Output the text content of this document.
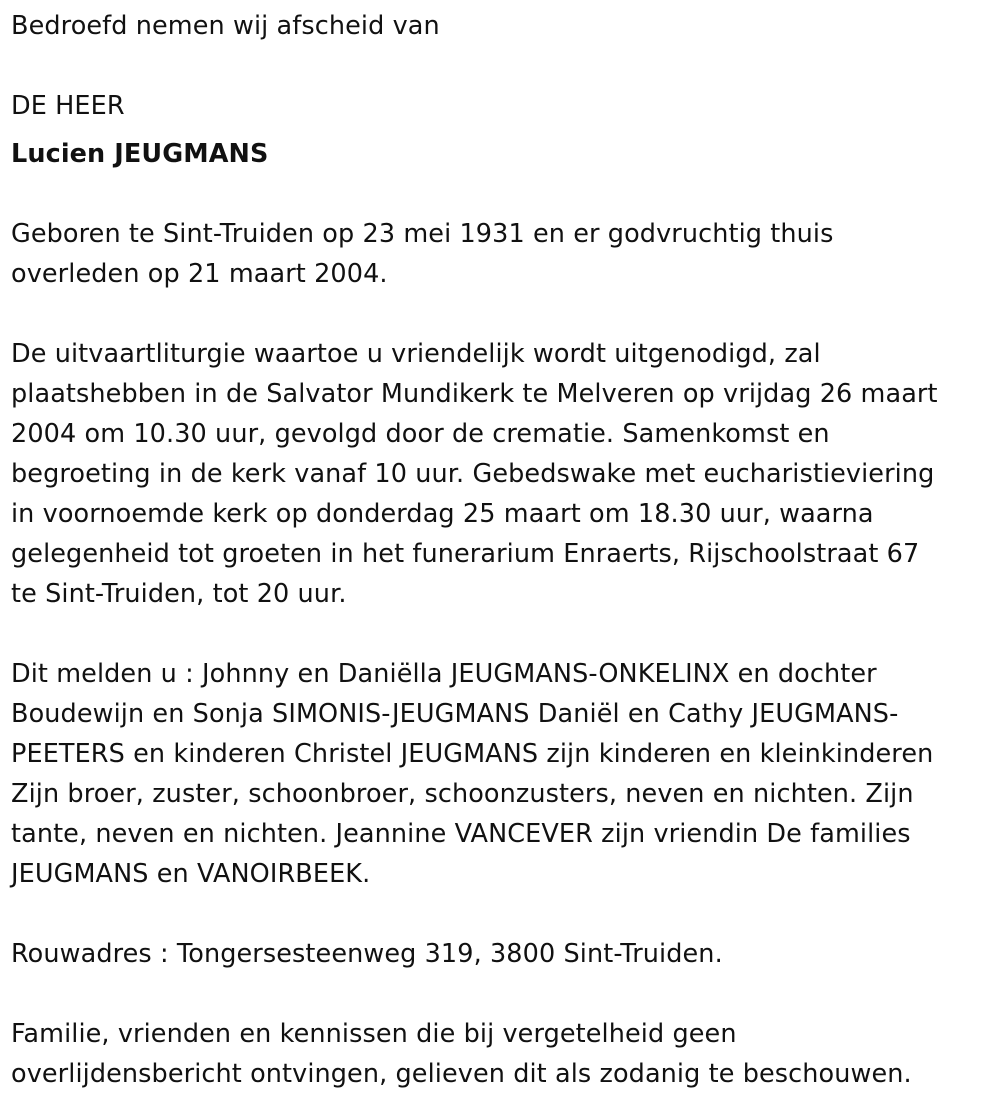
Bedroefd nemen wij afscheid van

DE HEER

Lucien JEUGMANS

Geboren te Sint-Truiden op 23 mei 1931 en er godvruchtig thuis

overleden op 21 maart 2004.

De uitvaartliturgie waartoe u vriendelijk wordt uitgenodigd, zal

plaatshebben in de Salvator Mundikerk te Melveren op vrijdag 26 maart

2004 om 10.30 uur, gevolgd door de crematie. Samenkomst en

begroeting in de kerk vanaf 10 uur. Gebedswake met eucharistieviering

in voornoemde kerk op donderdag 25 maart om 18.30 uur, waarna

gelegenheid tot groeten in het funerarium Enraerts, Rijschoolstraat 67

te Sint-Truiden, tot 20 uur.

Dit melden u : Johnny en Daniëlla JEUGMANS-ONKELINX en dochter

Boudewijn en Sonja SIMONIS-JEUGMANS Daniël en Cathy JEUGMANS-

PEETERS en kinderen Christel JEUGMANS zijn kinderen en kleinkinderen

Zijn broer, zuster, schoonbroer, schoonzusters, neven en nichten. Zijn

tante, neven en nichten. Jeannine VANCEVER zijn vriendin De families

JEUGMANS en VANOIRBEEK.

Rouwadres : Tongersesteenweg 319, 3800 Sint-Truiden.

Familie, vrienden en kennissen die bij vergetelheid geen

overlijdensbericht ontvingen, gelieven dit als zodanig te beschouwen.
